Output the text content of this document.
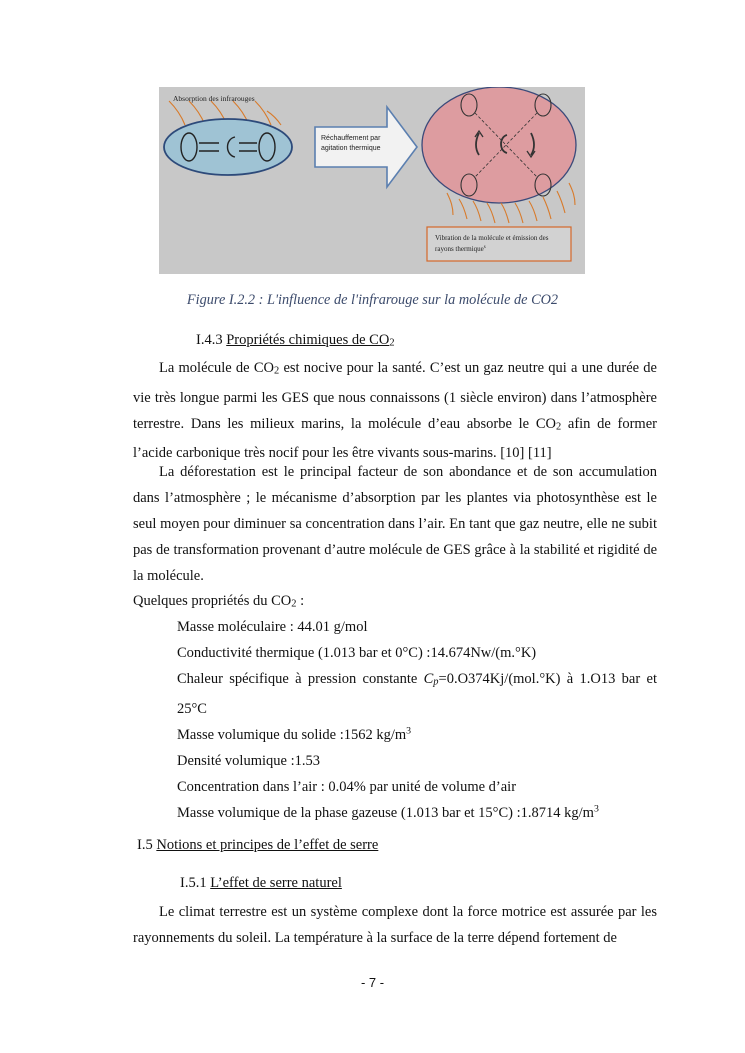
Absorption des infrarouges
Réchauffement par
agitation thermique
Vibration de la molécule et émission des
rayons thermique$^s$
Figure I.2.2 : L'influence de l'infrarouge sur la molécule de CO2
I.4.3 Propriétés chimiques de CO2
La molécule de CO2 est nocive pour la santé. C’est un gaz neutre qui a une durée de vie très longue parmi les GES que nous connaissons (1 siècle environ) dans l’atmosphère terrestre. Dans les milieux marins, la molécule d’eau absorbe le CO2 afin de former l’acide carbonique très nocif pour les être vivants sous-marins. [10] [11]
La déforestation est le principal facteur de son abondance et de son accumulation dans l’atmosphère ; le mécanisme d’absorption par les plantes via photosynthèse est le seul moyen pour diminuer sa concentration dans l’air. En tant que gaz neutre, elle ne subit pas de transformation provenant d’autre molécule de GES grâce à la stabilité et rigidité de la molécule.
Quelques propriétés du CO2 :
Masse moléculaire : 44.01 g/mol
Conductivité thermique (1.013 bar et 0°C) :14.674Nw/(m.°K)
Chaleur spécifique à pression constante Cp=0.O374Kj/(mol.°K) à 1.O13 bar et 25°C
Masse volumique du solide :1562 $kg/m^3$
Densité volumique :1.53
Concentration dans l’air : 0.04% par unité de volume d’air
Masse volumique de la phase gazeuse (1.013 bar et 15°C) :1.8714 $kg/m^3$
I.5 Notions et principes de l’effet de serre
I.5.1 L’effet de serre naturel
Le climat terrestre est un système complexe dont la force motrice est assurée par les rayonnements du soleil. La température à la surface de la terre dépend fortement de
- 7 -
